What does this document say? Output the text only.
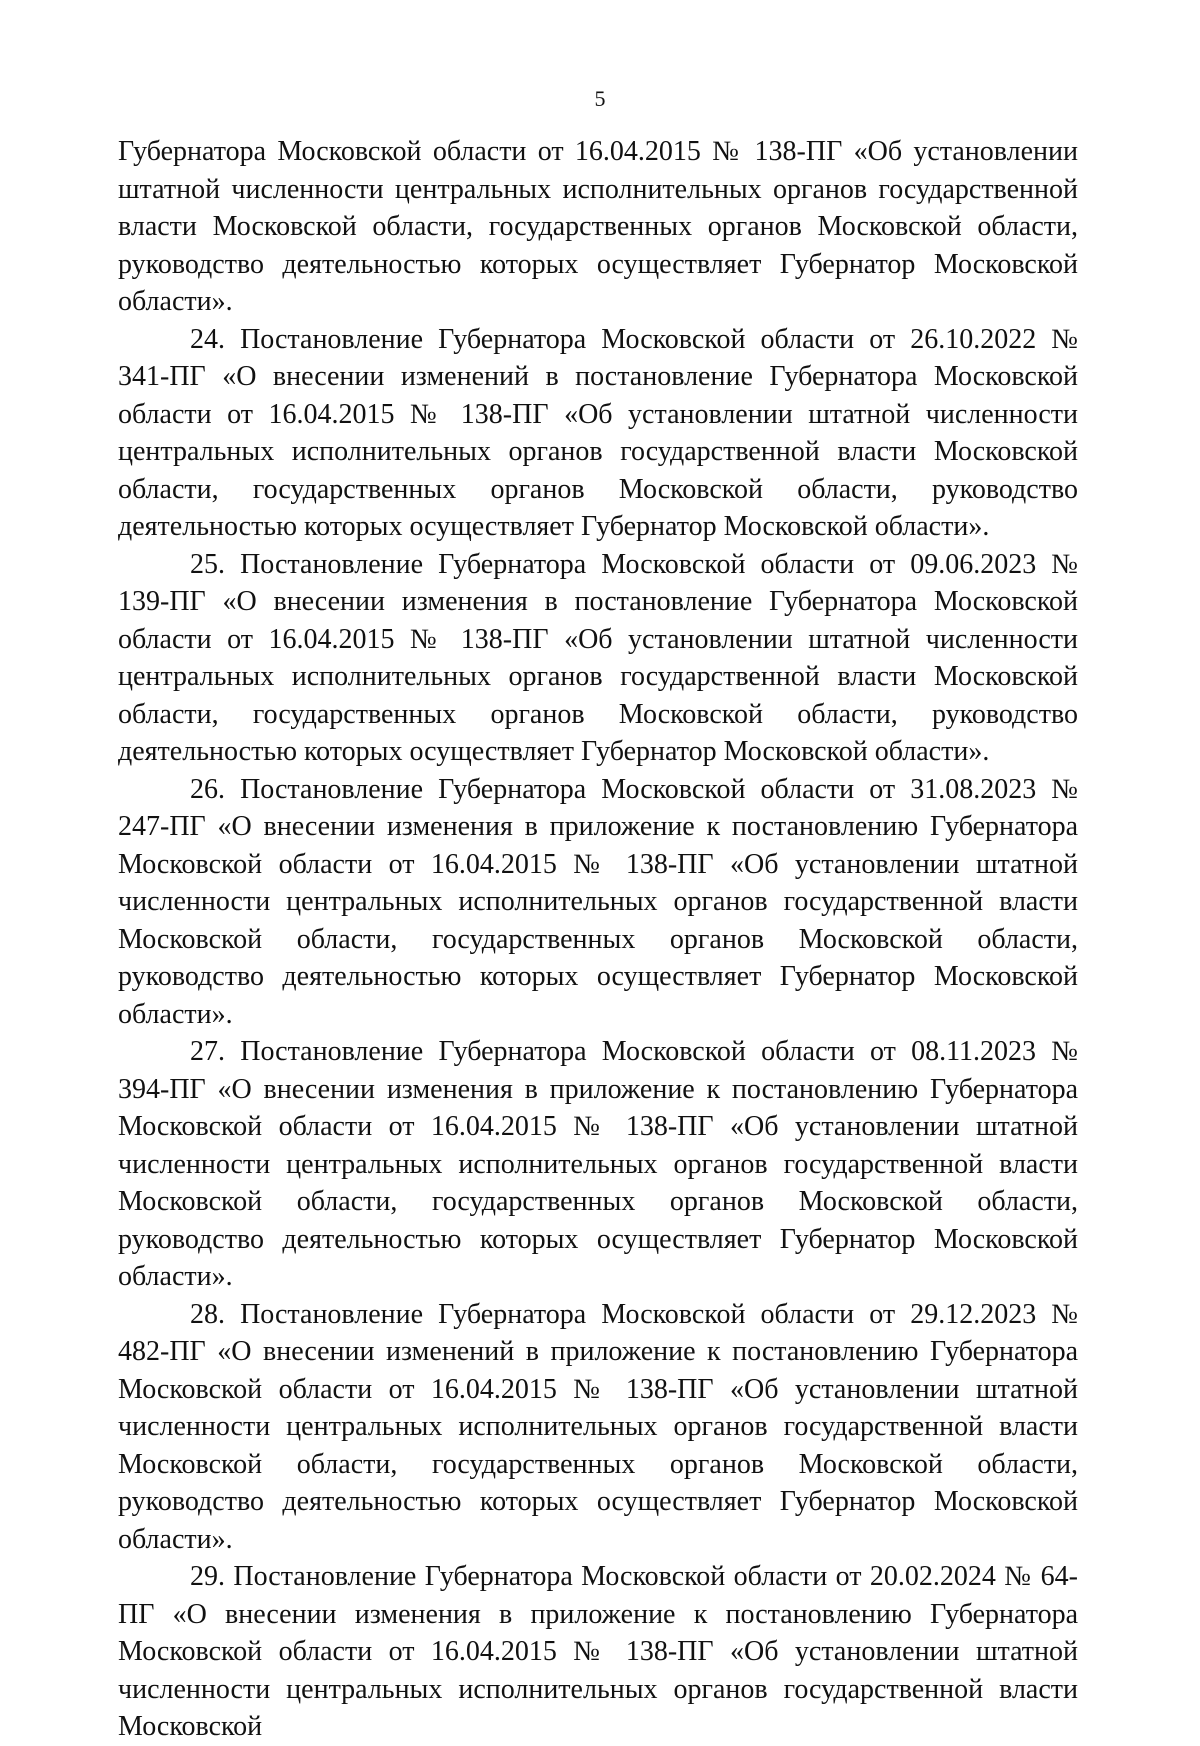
5

Губернатора Московской области от 16.04.2015 № 138-ПГ «Об установлении штатной численности центральных исполнительных органов государственной власти Московской области, государственных органов Московской области, руководство деятельностью которых осуществляет Губернатор Московской области».

24. Постановление Губернатора Московской области от 26.10.2022 № 341-ПГ «О внесении изменений в постановление Губернатора Московской области от 16.04.2015 № 138-ПГ «Об установлении штатной численности центральных исполнительных органов государственной власти Московской области, государственных органов Московской области, руководство деятельностью которых осуществляет Губернатор Московской области».

25. Постановление Губернатора Московской области от 09.06.2023 № 139-ПГ «О внесении изменения в постановление Губернатора Московской области от 16.04.2015 № 138-ПГ «Об установлении штатной численности центральных исполнительных органов государственной власти Московской области, государственных органов Московской области, руководство деятельностью которых осуществляет Губернатор Московской области».

26. Постановление Губернатора Московской области от 31.08.2023 № 247-ПГ «О внесении изменения в приложение к постановлению Губернатора Московской области от 16.04.2015 № 138-ПГ «Об установлении штатной численности центральных исполнительных органов государственной власти Московской области, государственных органов Московской области, руководство деятельностью которых осуществляет Губернатор Московской области».

27. Постановление Губернатора Московской области от 08.11.2023 № 394-ПГ «О внесении изменения в приложение к постановлению Губернатора Московской области от 16.04.2015 № 138-ПГ «Об установлении штатной численности центральных исполнительных органов государственной власти Московской области, государственных органов Московской области, руководство деятельностью которых осуществляет Губернатор Московской области».

28. Постановление Губернатора Московской области от 29.12.2023 № 482-ПГ «О внесении изменений в приложение к постановлению Губернатора Московской области от 16.04.2015 № 138-ПГ «Об установлении штатной численности центральных исполнительных органов государственной власти Московской области, государственных органов Московской области, руководство деятельностью которых осуществляет Губернатор Московской области».

29. Постановление Губернатора Московской области от 20.02.2024 № 64-ПГ «О внесении изменения в приложение к постановлению Губернатора Московской области от 16.04.2015 № 138-ПГ «Об установлении штатной численности центральных исполнительных органов государственной власти Московской
